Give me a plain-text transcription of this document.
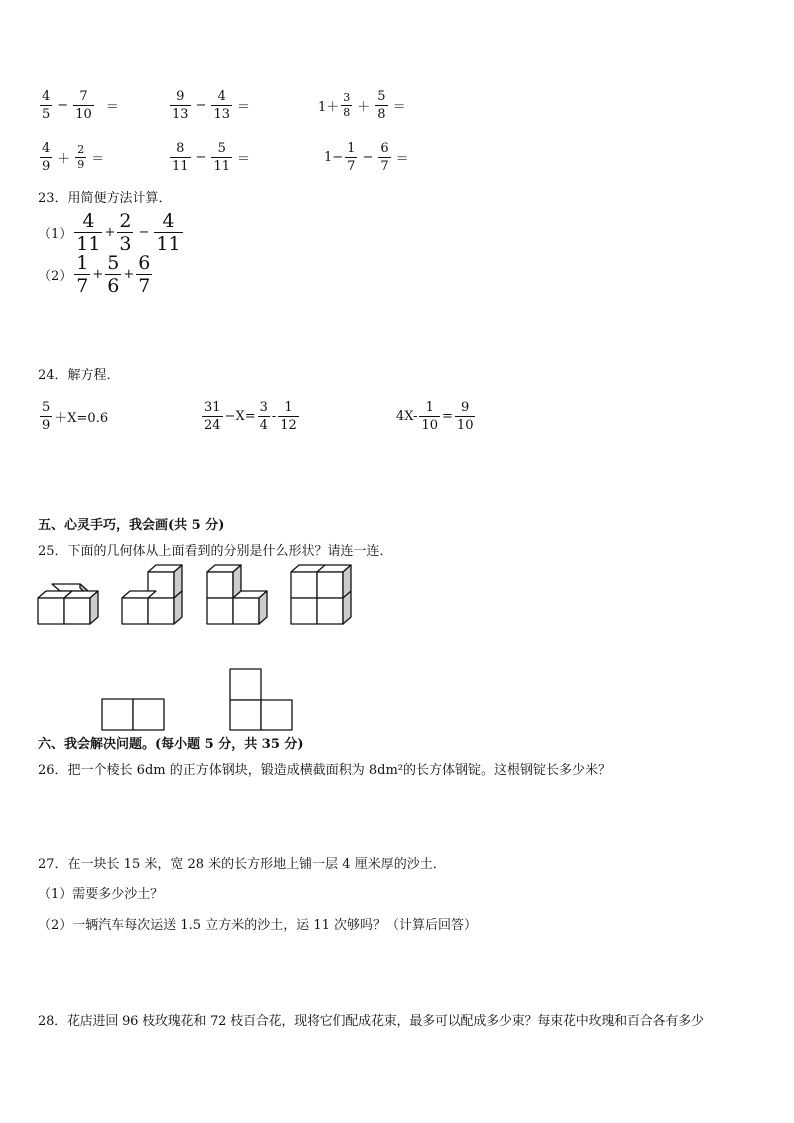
$\frac{4}{5} - \frac{7}{10}$ ＝	$\frac{9}{13} - \frac{4}{13}$ ＝	$1+ \frac{3}{8} + \frac{5}{8}$ ＝
$\frac{4}{9} + \frac{2}{9}$ ＝	$\frac{8}{11} - \frac{5}{11}$ ＝	$1- \frac{1}{7} - \frac{6}{7}$ ＝
23．用简便方法计算．
$(1) \frac{4}{11} + \frac{2}{3} - \frac{4}{11}$
$(2) \frac{1}{7} + \frac{5}{6} + \frac{6}{7}$
24．解方程．
$\frac{5}{9} +X=0.6$	$\frac{31}{24} -X= \frac{3}{4} - \frac{1}{12}$	$4X- \frac{1}{10} = \frac{9}{10}$
五、心灵手巧，我会画(共 5 分)
25．下面的几何体从上面看到的分别是什么形状？请连一连．
六、我会解决问题。(每小题 5 分，共 35 分)
26．把一个棱长 6dm 的正方体钢块，锻造成横截面积为 8dm²的长方体钢锭。这根钢锭长多少米？
27．在一块长 15 米，宽 28 米的长方形地上铺一层 4 厘米厚的沙土．
（1）需要多少沙土？
（2）一辆汽车每次运送 1.5 立方米的沙土，运 11 次够吗？（计算后回答）
28．花店进回 96 枝玫瑰花和 72 枝百合花，现将它们配成花束，最多可以配成多少束？每束花中玫瑰和百合各有多少
